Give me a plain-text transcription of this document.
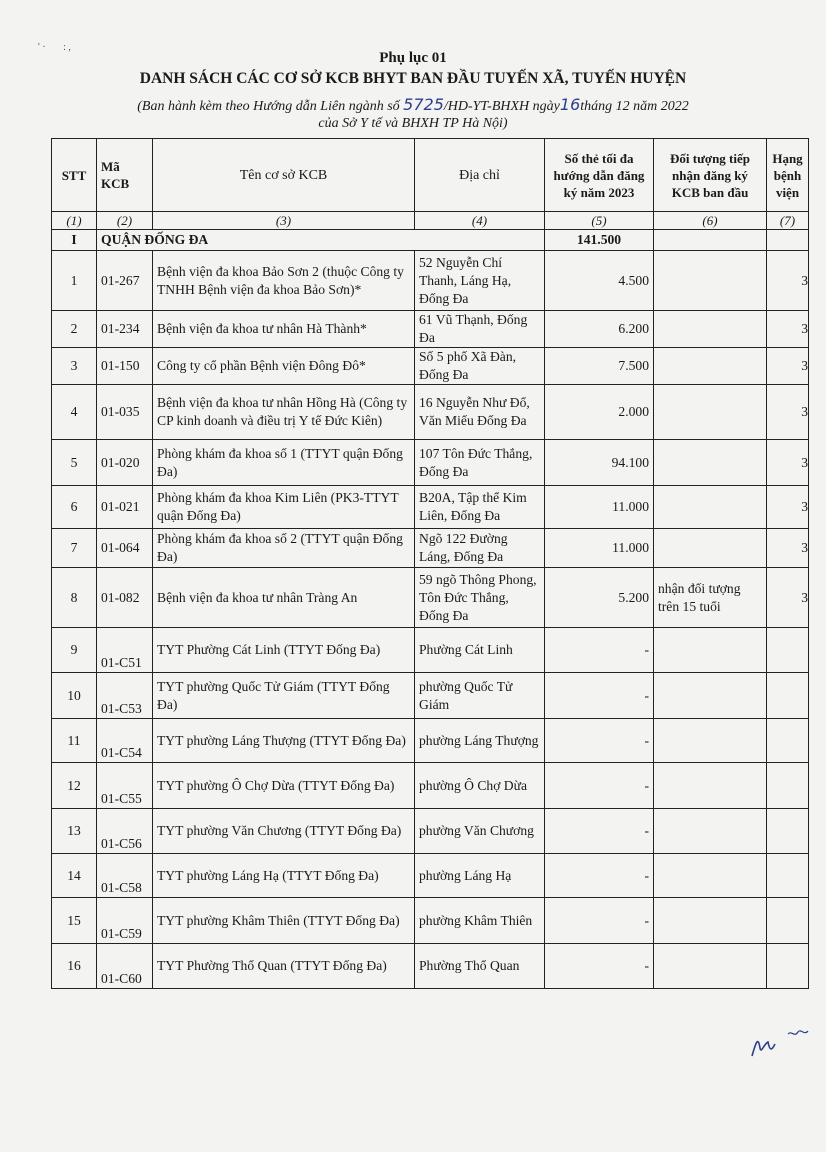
' ·       : ,
Phụ lục 01
DANH SÁCH CÁC CƠ SỞ KCB BHYT BAN ĐẦU TUYẾN XÃ, TUYẾN HUYỆN
(Ban hành kèm theo Hướng dẫn Liên ngành số 5725/HD-YT-BHXH ngày16tháng 12 năm 2022
của Sở Y tế và BHXH TP Hà Nội)
STT	Mã KCB	Tên cơ sở KCB	Địa chỉ	Số thẻ tối đa hướng dẫn đăng ký năm 2023	Đối tượng tiếp nhận đăng ký KCB ban đầu	Hạng bệnh viện
(1)	(2)	(3)	(4)	(5)	(6)	(7)
I	QUẬN ĐỐNG ĐA			141.500		
1	01-267	Bệnh viện đa khoa Bảo Sơn 2 (thuộc Công ty TNHH Bệnh viện đa khoa Bảo Sơn)*	52 Nguyễn Chí Thanh, Láng Hạ, Đống Đa	4.500		3
2	01-234	Bệnh viện đa khoa tư nhân Hà Thành*	61 Vũ Thạnh, Đống Đa	6.200		3
3	01-150	Công ty cổ phần Bệnh viện Đông Đô*	Số 5 phố Xã Đàn, Đống Đa	7.500		3
4	01-035	Bệnh viện đa khoa tư nhân Hồng Hà (Công ty CP kinh doanh và điều trị Y tế Đức Kiên)	16 Nguyễn Như Đổ, Văn Miếu Đống Đa	2.000		3
5	01-020	Phòng khám đa khoa số 1 (TTYT quận Đống Đa)	107 Tôn Đức Thắng, Đống Đa	94.100		3
6	01-021	Phòng khám đa khoa Kim Liên (PK3-TTYT quận Đống Đa)	B20A, Tập thể Kim Liên, Đống Đa	11.000		3
7	01-064	Phòng khám đa khoa số 2 (TTYT quận Đống Đa)	Ngõ 122 Đường Láng, Đống Đa	11.000		3
8	01-082	Bệnh viện đa khoa tư nhân Tràng An	59 ngõ Thông Phong, Tôn Đức Thắng, Đống Đa	5.200	nhận đối tượng trên 15 tuổi	3
9	01-C51	TYT Phường Cát Linh (TTYT Đống Đa)	Phường Cát Linh	-		
10	01-C53	TYT phường Quốc Tử Giám (TTYT Đống Đa)	phường Quốc Tử Giám	-		
11	01-C54	TYT phường Láng Thượng (TTYT Đống Đa)	phường Láng Thượng	-		
12	01-C55	TYT phường Ô Chợ Dừa (TTYT Đống Đa)	phường Ô Chợ Dừa	-		
13	01-C56	TYT phường Văn Chương (TTYT Đống Đa)	phường Văn Chương	-		
14	01-C58	TYT phường Láng Hạ (TTYT Đống Đa)	phường Láng Hạ	-		
15	01-C59	TYT phường Khâm Thiên (TTYT Đống Đa)	phường Khâm Thiên	-		
16	01-C60	TYT Phường Thổ Quan (TTYT Đống Đa)	Phường Thổ Quan	-		
